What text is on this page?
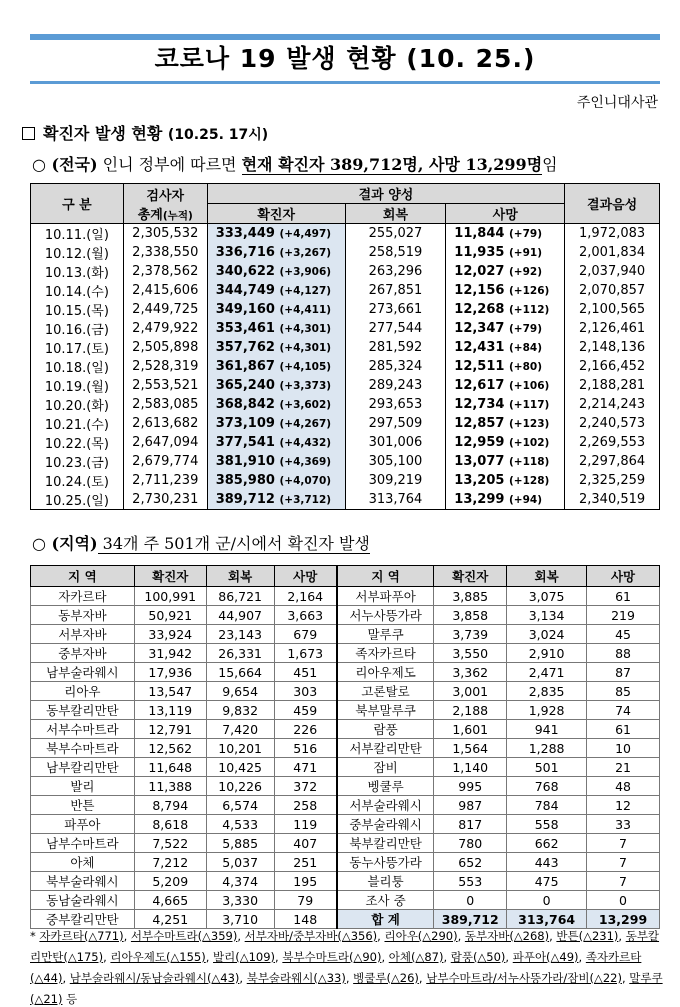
코로나 19 발생 현황 (10. 25.)
주인니대사관
확진자 발생 현황 (10.25. 17시)
○ (전국) 인니 정부에 따르면 현재 확진자 389,712명, 사망 13,299명임
구 분	검사자
총계(누적)	결과 양성			결과음성
		확진자	회복	사망	
10.11.(일)	2,305,532	333,449 (+4,497)	255,027	11,844 (+79)	1,972,083
10.12.(월)	2,338,550	336,716 (+3,267)	258,519	11,935 (+91)	2,001,834
10.13.(화)	2,378,562	340,622 (+3,906)	263,296	12,027 (+92)	2,037,940
10.14.(수)	2,415,606	344,749 (+4,127)	267,851	12,156 (+126)	2,070,857
10.15.(목)	2,449,725	349,160 (+4,411)	273,661	12,268 (+112)	2,100,565
10.16.(금)	2,479,922	353,461 (+4,301)	277,544	12,347 (+79)	2,126,461
10.17.(토)	2,505,898	357,762 (+4,301)	281,592	12,431 (+84)	2,148,136
10.18.(일)	2,528,319	361,867 (+4,105)	285,324	12,511 (+80)	2,166,452
10.19.(월)	2,553,521	365,240 (+3,373)	289,243	12,617 (+106)	2,188,281
10.20.(화)	2,583,085	368,842 (+3,602)	293,653	12,734 (+117)	2,214,243
10.21.(수)	2,613,682	373,109 (+4,267)	297,509	12,857 (+123)	2,240,573
10.22.(목)	2,647,094	377,541 (+4,432)	301,006	12,959 (+102)	2,269,553
10.23.(금)	2,679,774	381,910 (+4,369)	305,100	13,077 (+118)	2,297,864
10.24.(토)	2,711,239	385,980 (+4,070)	309,219	13,205 (+128)	2,325,259
10.25.(일)	2,730,231	389,712 (+3,712)	313,764	13,299 (+94)	2,340,519
○ (지역) 34개 주 501개 군/시에서 확진자 발생
지 역	확진자	회복	사망	지 역	확진자	회복	사망
자카르타	100,991	86,721	2,164	서부파푸아	3,885	3,075	61
동부자바	50,921	44,907	3,663	서누사뜽가라	3,858	3,134	219
서부자바	33,924	23,143	679	말루쿠	3,739	3,024	45
중부자바	31,942	26,331	1,673	족자카르타	3,550	2,910	88
남부술라웨시	17,936	15,664	451	리아우제도	3,362	2,471	87
리아우	13,547	9,654	303	고론탈로	3,001	2,835	85
동부칼리만탄	13,119	9,832	459	북부말루쿠	2,188	1,928	74
서부수마트라	12,791	7,420	226	람풍	1,601	941	61
북부수마트라	12,562	10,201	516	서부칼리만탄	1,564	1,288	10
남부칼리만탄	11,648	10,425	471	잠비	1,140	501	21
발리	11,388	10,226	372	벵쿨루	995	768	48
반튼	8,794	6,574	258	서부술라웨시	987	784	12
파푸아	8,618	4,533	119	중부술라웨시	817	558	33
남부수마트라	7,522	5,885	407	북부칼리만탄	780	662	7
아체	7,212	5,037	251	동누사뜽가라	652	443	7
북부술라웨시	5,209	4,374	195	블리퉁	553	475	7
동남술라웨시	4,665	3,330	79	조사 중	0	0	0
중부칼리만탄	4,251	3,710	148	합 계	389,712	313,764	13,299
* 자카르타(△771), 서부수마트라(△359), 서부자바/중부자바(△356), 리아우(△290), 동부자바(△268), 반튼(△231), 동부칼리만탄(△175), 리아우제도(△155), 발리(△109), 북부수마트라(△90), 아체(△87), 람풍(△50), 파푸아(△49), 족자카르타(△44), 남부술라웨시/동남술라웨시(△43), 북부술라웨시(△33), 벵쿨루(△26), 남부수마트라/서누사뜽가라/잠비(△22), 말루쿠(△21) 등
